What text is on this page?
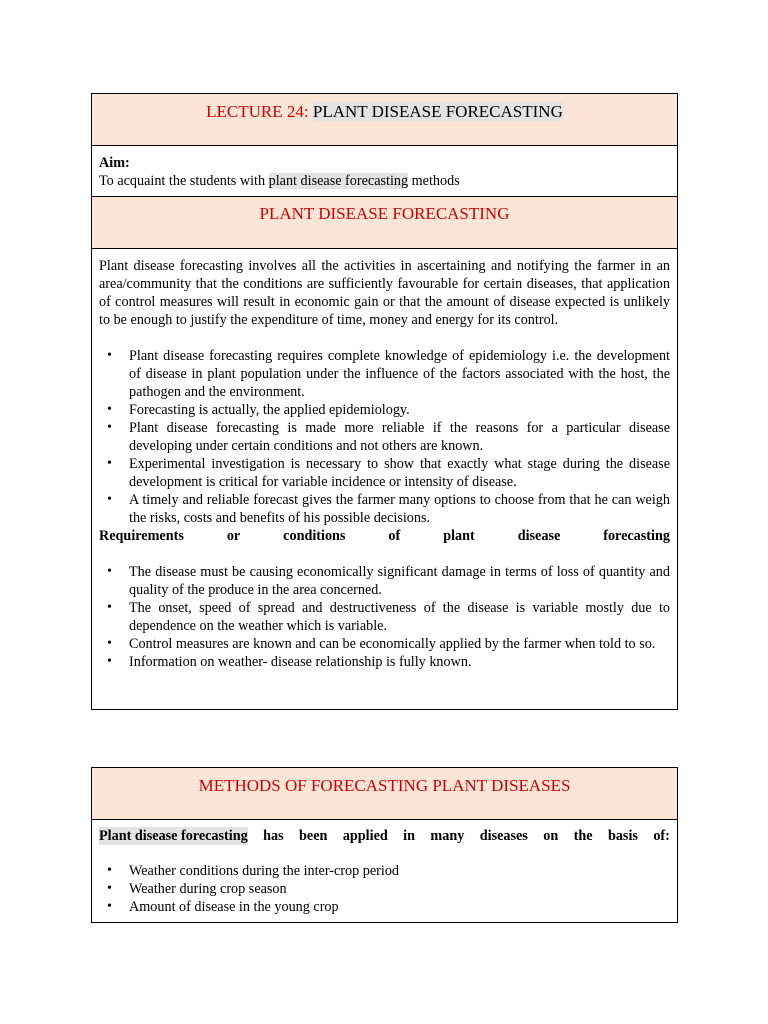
LECTURE 24: PLANT DISEASE FORECASTING

Aim:

To acquaint the students with plant disease forecasting methods

PLANT DISEASE FORECASTING

Plant disease forecasting involves all the activities in ascertaining and notifying the farmer in an area/community that the conditions are sufficiently favourable for certain diseases, that application of control measures will result in economic gain or that the amount of disease expected is unlikely to be enough to justify the expenditure of time, money and energy for its control.

• Plant disease forecasting requires complete knowledge of epidemiology i.e. the development of disease in plant population under the influence of the factors associated with the host, the pathogen and the environment.
• Forecasting is actually, the applied epidemiology.
• Plant disease forecasting is made more reliable if the reasons for a particular disease developing under certain conditions and not others are known.
• Experimental investigation is necessary to show that exactly what stage during the disease development is critical for variable incidence or intensity of disease.
• A timely and reliable forecast gives the farmer many options to choose from that he can weigh the risks, costs and benefits of his possible decisions.
Requirements	or	conditions	of	plant	disease	forecasting
• The disease must be causing economically significant damage in terms of loss of quantity and quality of the produce in the area concerned.
• The onset, speed of spread and destructiveness of the disease is variable mostly due to dependence on the weather which is variable.
• Control measures are known and can be economically applied by the farmer when told to so.
• Information on weather- disease relationship is fully known.
METHODS OF FORECASTING PLANT DISEASES
Plant disease forecasting has been applied in many diseases on the basis of:
• Weather conditions during the inter-crop period
• Weather during crop season
• Amount of disease in the young crop
